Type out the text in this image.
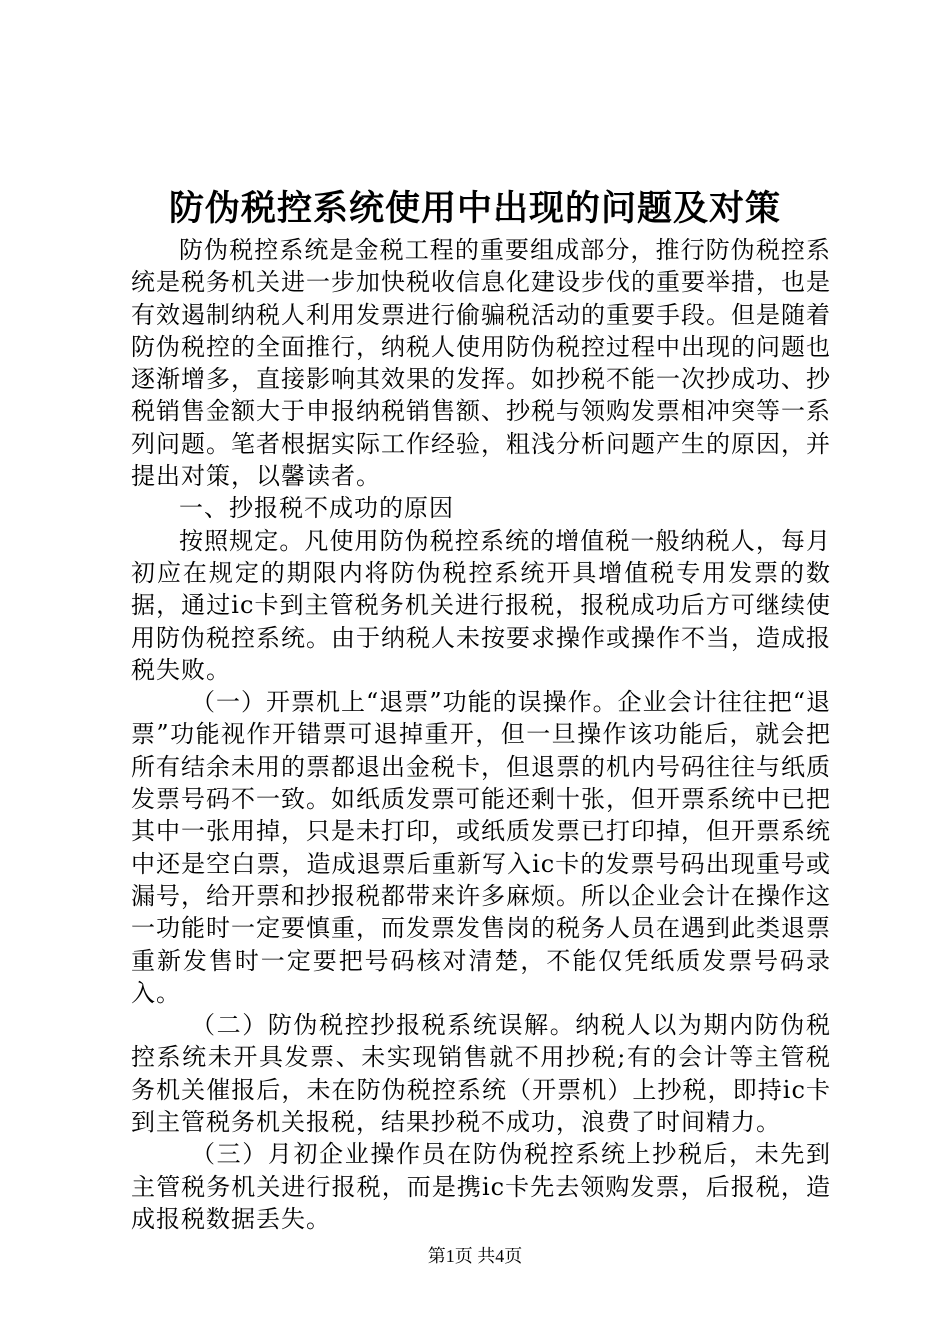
防伪税控系统使用中出现的问题及对策

防伪税控系统是金税工程的重要组成部分，推行防伪税控系统是税务机关进一步加快税收信息化建设步伐的重要举措，也是有效遏制纳税人利用发票进行偷骗税活动的重要手段。但是随着防伪税控的全面推行，纳税人使用防伪税控过程中出现的问题也逐渐增多，直接影响其效果的发挥。如抄税不能一次抄成功、抄税销售金额大于申报纳税销售额、抄税与领购发票相冲突等一系列问题。笔者根据实际工作经验，粗浅分析问题产生的原因，并提出对策，以馨读者。

一、抄报税不成功的原因

按照规定。凡使用防伪税控系统的增值税一般纳税人，每月初应在规定的期限内将防伪税控系统开具增值税专用发票的数据，通过ic卡到主管税务机关进行报税，报税成功后方可继续使用防伪税控系统。由于纳税人未按要求操作或操作不当，造成报税失败。

（一）开票机上“退票”功能的误操作。企业会计往往把“退票”功能视作开错票可退掉重开，但一旦操作该功能后，就会把所有结余未用的票都退出金税卡，但退票的机内号码往往与纸质发票号码不一致。如纸质发票可能还剩十张，但开票系统中已把其中一张用掉，只是未打印，或纸质发票已打印掉，但开票系统中还是空白票，造成退票后重新写入ic卡的发票号码出现重号或漏号，给开票和抄报税都带来许多麻烦。所以企业会计在操作这一功能时一定要慎重，而发票发售岗的税务人员在遇到此类退票重新发售时一定要把号码核对清楚，不能仅凭纸质发票号码录入。

（二）防伪税控抄报税系统误解。纳税人以为期内防伪税控系统未开具发票、未实现销售就不用抄税;有的会计等主管税务机关催报后，未在防伪税控系统（开票机）上抄税，即持ic卡到主管税务机关报税，结果抄税不成功，浪费了时间精力。

（三）月初企业操作员在防伪税控系统上抄税后，未先到主管税务机关进行报税，而是携ic卡先去领购发票，后报税，造成报税数据丢失。

第1页 共4页
